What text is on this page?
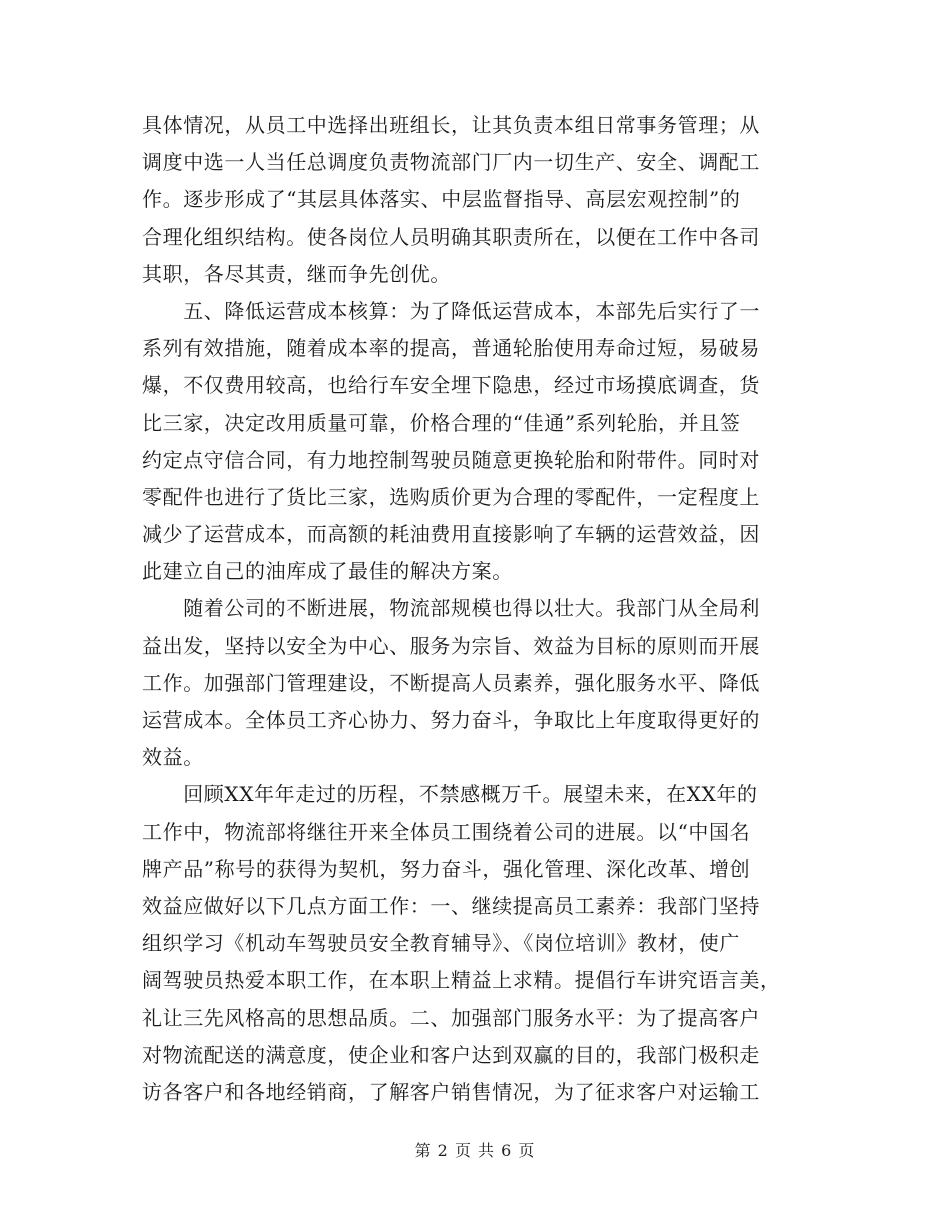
具体情况，从员工中选择出班组长，让其负责本组日常事务管理；从
调度中选一人当任总调度负责物流部门厂内一切生产、安全、调配工
作。逐步形成了“其层具体落实、中层监督指导、高层宏观控制”的
合理化组织结构。使各岗位人员明确其职责所在，以便在工作中各司
其职，各尽其责，继而争先创优。
　　五、降低运营成本核算：为了降低运营成本，本部先后实行了一
系列有效措施，随着成本率的提高，普通轮胎使用寿命过短，易破易
爆，不仅费用较高，也给行车安全埋下隐患，经过市场摸底调查，货
比三家，决定改用质量可靠，价格合理的“佳通”系列轮胎，并且签
约定点守信合同，有力地控制驾驶员随意更换轮胎和附带件。同时对
零配件也进行了货比三家，选购质价更为合理的零配件，一定程度上
减少了运营成本，而高额的耗油费用直接影响了车辆的运营效益，因
此建立自己的油库成了最佳的解决方案。
　　随着公司的不断进展，物流部规模也得以壮大。我部门从全局利
益出发，坚持以安全为中心、服务为宗旨、效益为目标的原则而开展
工作。加强部门管理建设，不断提高人员素养，强化服务水平、降低
运营成本。全体员工齐心协力、努力奋斗，争取比上年度取得更好的
效益。
　　回顾XX年年走过的历程，不禁感概万千。展望未来，在XX年的
工作中，物流部将继往开来全体员工围绕着公司的进展。以“中国名
牌产品”称号的获得为契机，努力奋斗，强化管理、深化改革、增创
效益应做好以下几点方面工作：一、继续提高员工素养：我部门坚持
组织学习《机动车驾驶员安全教育辅导》、《岗位培训》教材，使广
阔驾驶员热爱本职工作，在本职上精益上求精。提倡行车讲究语言美，
礼让三先风格高的思想品质。二、加强部门服务水平：为了提高客户
对物流配送的满意度，使企业和客户达到双赢的目的，我部门极积走
访各客户和各地经销商，了解客户销售情况，为了征求客户对运输工
第 2 页 共 6 页
